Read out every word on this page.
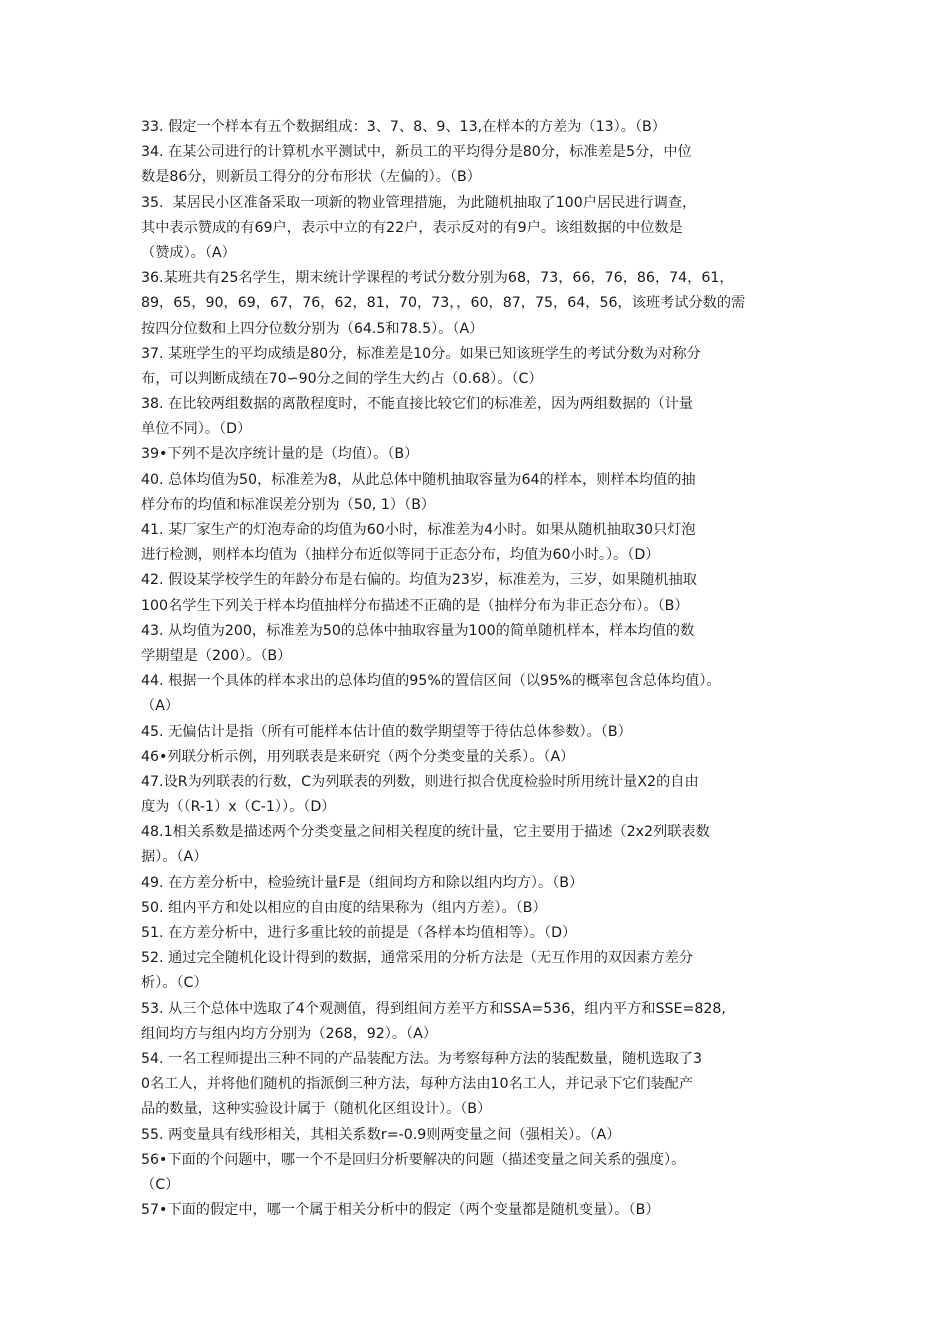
33. 假定一个样本有五个数据组成：3、7、8、9、13,在样本的方差为（13）。（B）
34. 在某公司进行的计算机水平测试中，新员工的平均得分是80分，标准差是5分，中位
数是86分，则新员工得分的分布形状（左偏的）。（B）
35.  某居民小区准备采取一项新的物业管理措施，为此随机抽取了100户居民进行调查，
其中表示赞成的有69户，表示中立的有22户，表示反对的有9户。该组数据的中位数是
（赞成）。（A）
36.某班共有25名学生，期末统计学课程的考试分数分别为68，73，66，76，86，74，61，
89，65，90，69，67，76，62，81，70，73，，60，87，75，64，56，该班考试分数的需
按四分位数和上四分位数分别为（64.5和78.5）。（A）
37. 某班学生的平均成绩是80分，标准差是10分。如果已知该班学生的考试分数为对称分
布，可以判断成绩在70∽90分之间的学生大约占（0.68）。（C）
38. 在比较两组数据的离散程度时，不能直接比较它们的标准差，因为两组数据的（计量
单位不同）。（D）
39•下列不是次序统计量的是（均值）。（B）
40. 总体均值为50，标准差为8，从此总体中随机抽取容量为64的样本，则样本均值的抽
样分布的均值和标准误差分别为（50, 1）（B）
41. 某厂家生产的灯泡寿命的均值为60小时，标准差为4小时。如果从随机抽取30只灯泡
进行检测，则样本均值为（抽样分布近似等同于正态分布，均值为60小时。）。（D）
42. 假设某学校学生的年龄分布是右偏的。均值为23岁，标准差为，三岁，如果随机抽取
100名学生下列关于样本均值抽样分布描述不正确的是（抽样分布为非正态分布）。（B）
43. 从均值为200，标准差为50的总体中抽取容量为100的简单随机样本，样本均值的数
学期望是（200）。（B）
44. 根据一个具体的样本求出的总体均值的95%的置信区间（以95%的概率包含总体均值）。
（A）
45. 无偏估计是指（所有可能样本估计值的数学期望等于待估总体参数）。（B）
46•列联分析示例，用列联表是来研究（两个分类变量的关系）。（A）
47.设R为列联表的行数，C为列联表的列数，则进行拟合优度检验时所用统计量X2的自由
度为（（R-1）x（C-1））。（D）
48.1相关系数是描述两个分类变量之间相关程度的统计量，它主要用于描述（2x2列联表数
据）。（A）
49. 在方差分析中，检验统计量F是（组间均方和除以组内均方）。（B）
50. 组内平方和处以相应的自由度的结果称为（组内方差）。（B）
51. 在方差分析中，进行多重比较的前提是（各样本均值相等）。（D）
52. 通过完全随机化设计得到的数据，通常采用的分析方法是（无互作用的双因素方差分
析）。（C）
53. 从三个总体中选取了4个观测值，得到组间方差平方和SSA=536，组内平方和SSE=828,
组间均方与组内均方分别为（268，92）。（A）
54. 一名工程师提出三种不同的产品装配方法。为考察每种方法的装配数量，随机选取了3
0名工人，并将他们随机的指派倒三种方法，每种方法由10名工人，并记录下它们装配产
品的数量，这种实验设计属于（随机化区组设计）。（B）
55. 两变量具有线形相关，其相关系数r=-0.9则两变量之间（强相关）。（A）
56•下面的个问题中，哪一个不是回归分析要解决的问题（描述变量之间关系的强度）。
（C）
57•下面的假定中，哪一个属于相关分析中的假定（两个变量都是随机变量）。（B）
